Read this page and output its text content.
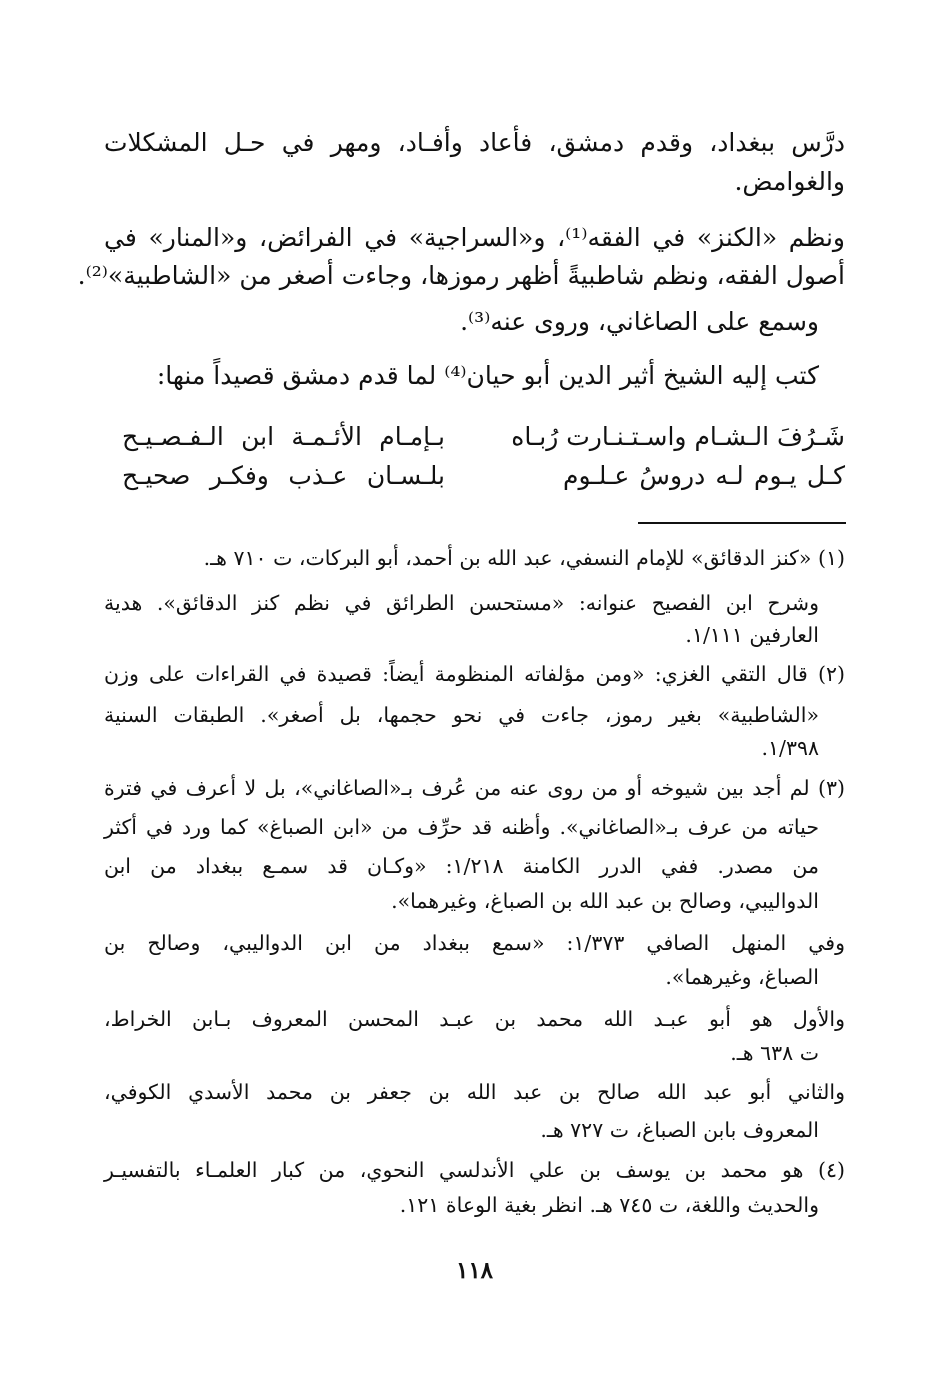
درَّس ببغداد، وقدم دمشق، فأعاد وأفـاد، ومهر في حـل المشكلات
والغوامض.
ونظم «الكنز» في الفقه⁽¹⁾، و«السراجية» في الفرائض، و«المنار» في
أصول الفقه، ونظم شاطبيةً أظهر رموزها، وجاءت أصغر من «الشاطبية»⁽²⁾.
وسمع على الصاغاني، وروى عنه⁽³⁾.
كتب إليه الشيخ أثير الدين أبو حيان⁽⁴⁾ لما قدم دمشق قصيداً منها:
شَـرُفَ الـشـام واسـتـنـارت رُبـاه
بـإمـام الأئـمـة ابن الـفـصـيـح
كـل يـوم لـه دروسُ عـلـوم
بلـسـان عـذب وفكـر صحيـح
(١) «كنز الدقائق» للإمام النسفي، عبد الله بن أحمد، أبو البركات، ت ٧١٠ هـ.
وشرح ابن الفصيح عنوانه: «مستحسن الطرائق في نظم كنز الدقائق». هدية
العارفين ١/١١١.
(٢) قال التقي الغزي: «ومن مؤلفاته المنظومة أيضاً: قصيدة في القراءات على وزن
«الشاطبية» بغير رموز، جاءت في نحو حجمها، بل أصغر». الطبقات السنية
١/٣٩٨.
(٣) لم أجد بين شيوخه أو من روى عنه من عُرف بـ«الصاغاني»، بل لا أعرف في فترة
حياته من عرف بـ«الصاغاني». وأظنه قد حرِّف من «ابن الصباغ» كما ورد في أكثر
من مصدر. ففي الدرر الكامنة ١/٢١٨: «وكـان قد سمـع ببغداد من ابن
الدواليبي، وصالح بن عبد الله بن الصباغ، وغيرهما».
وفي المنهل الصافي ١/٣٧٣: «سمع ببغداد من ابن الدواليبي، وصالح بن
الصباغ، وغيرهما».
والأول هو أبو عبـد الله محمد بن عبـد المحسن المعروف بـابن الخراط،
ت ٦٣٨ هـ.
والثاني أبو عبد الله صالح بن عبد الله بن جعفر بن محمد الأسدي الكوفي،
المعروف بابن الصباغ، ت ٧٢٧ هـ.
(٤) هو محمد بن يوسف بن علي الأندلسي النحوي، من كبار العلمـاء بالتفسيـر
والحديث واللغة، ت ٧٤٥ هـ. انظر بغية الوعاة ١٢١.
١١٨
